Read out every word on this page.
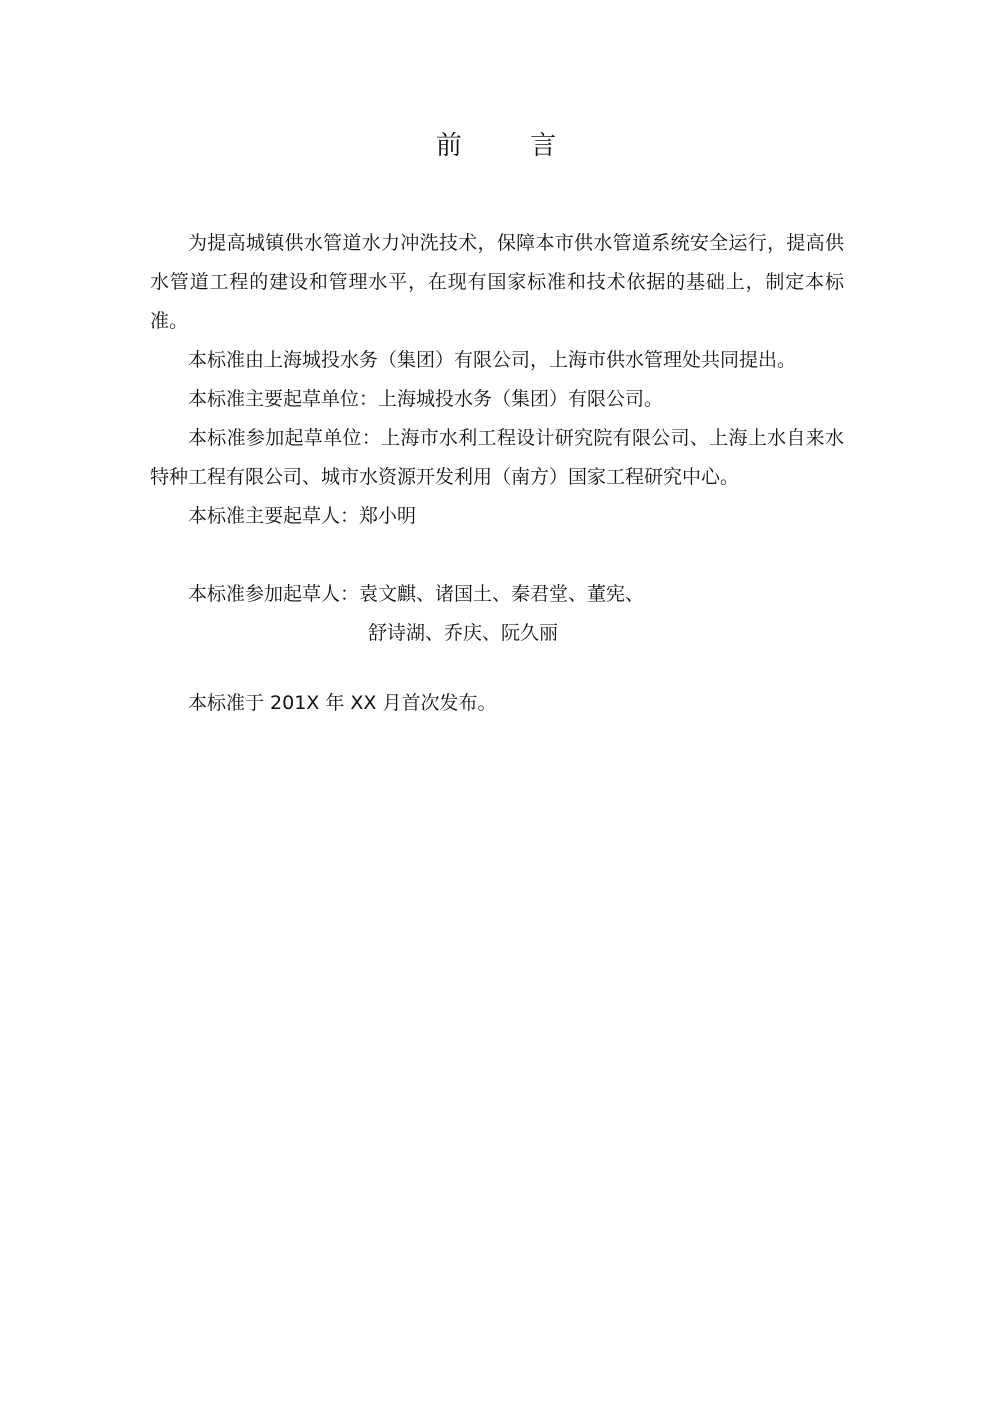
前 言

为提高城镇供水管道水力冲洗技术，保障本市供水管道系统安全运行，提高供水管道工程的建设和管理水平，在现有国家标准和技术依据的基础上，制定本标准。

本标准由上海城投水务（集团）有限公司，上海市供水管理处共同提出。

本标准主要起草单位：上海城投水务（集团）有限公司。

本标准参加起草单位：上海市水利工程设计研究院有限公司、上海上水自来水特种工程有限公司、城市水资源开发利用（南方）国家工程研究中心。

本标准主要起草人：郑小明

本标准参加起草人：袁文麒、诸国土、秦君堂、董宪、

舒诗湖、乔庆、阮久丽

本标准于 201X 年 XX 月首次发布。
